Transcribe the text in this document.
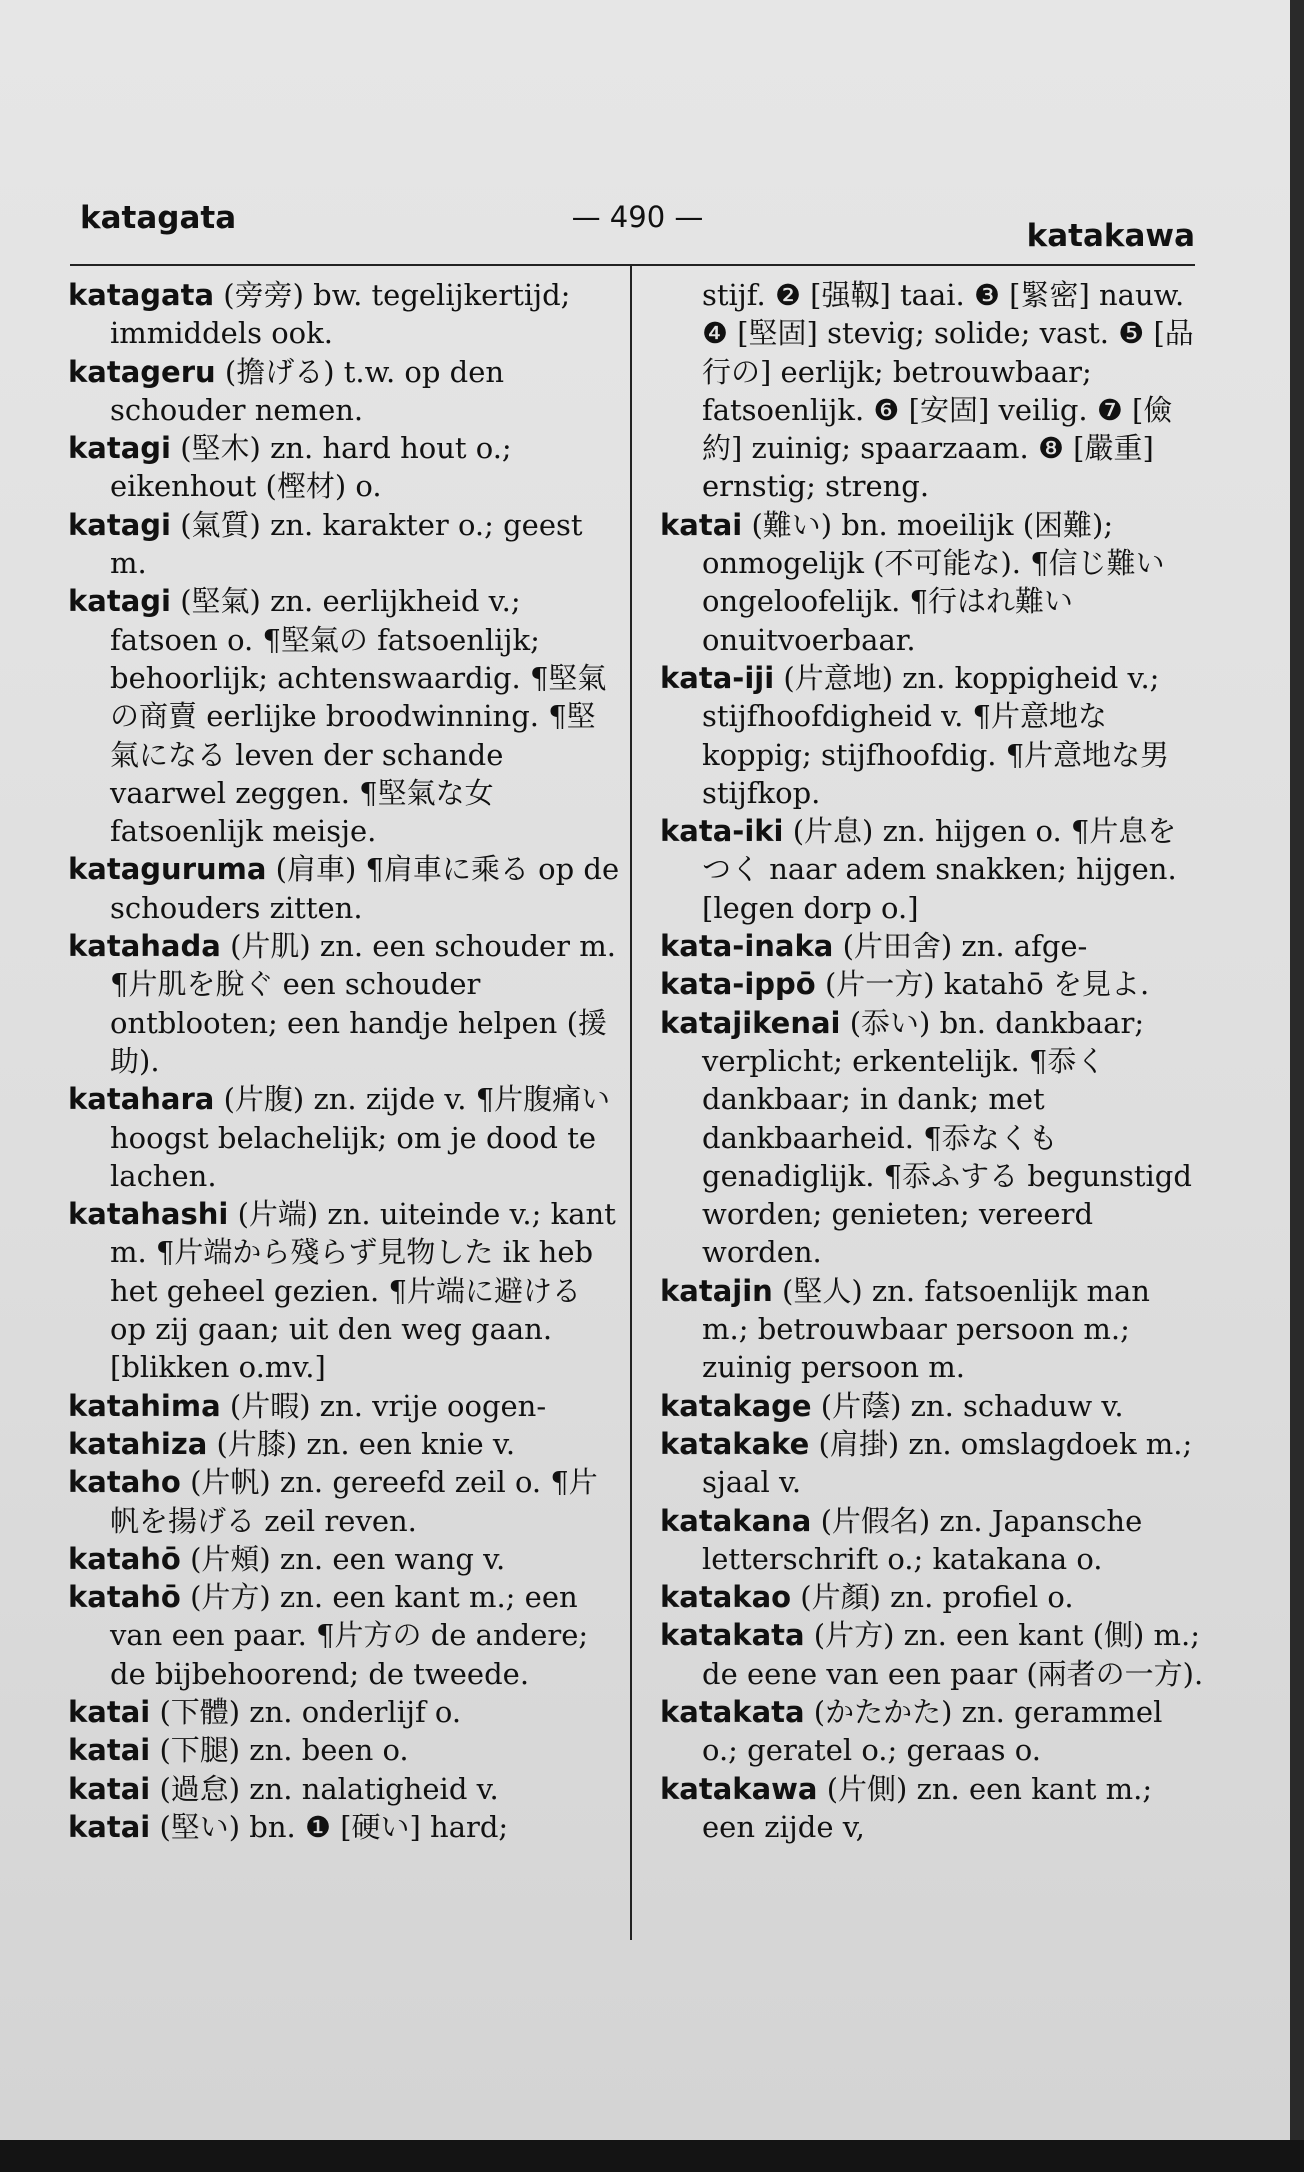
katagata	— 490 —
katakawa

katagata (旁旁) bw. tegelijkertijd; immiddels ook.

katageru (擔げる) t.w. op den schouder nemen.

katagi (堅木) zn. hard hout o.; eikenhout (樫材) o.

katagi (氣質) zn. karakter o.; geest m.

katagi (堅氣) zn. eerlijkheid v.; fatsoen o. ¶堅氣の fatsoenlijk; behoorlijk; achtenswaardig. ¶堅氣の商賣 eerlijke broodwinning. ¶堅氣になる leven der schande vaarwel zeggen. ¶堅氣な女 fatsoenlijk meisje.

kataguruma (肩車) ¶肩車に乘る op de schouders zitten.

katahada (片肌) zn. een schouder m. ¶片肌を脫ぐ een schouder ontblooten; een handje helpen (援助).

katahara (片腹) zn. zijde v. ¶片腹痛い hoogst belachelijk; om je dood te lachen.

katahashi (片端) zn. uiteinde v.; kant m. ¶片端から殘らず見物した ik heb het geheel gezien. ¶片端に避ける op zij gaan; uit den weg gaan. [blikken o.mv.]

katahima (片暇) zn. vrije oogen-

katahiza (片膝) zn. een knie v.

kataho (片帆) zn. gereefd zeil o. ¶片帆を揚げる zeil reven.

katahō (片頰) zn. een wang v.

katahō (片方) zn. een kant m.; een van een paar. ¶片方の de andere; de bijbehoorend; de tweede.

katai (下體) zn. onderlijf o.

katai (下腿) zn. been o.

katai (過怠) zn. nalatigheid v.

katai (堅い) bn. ❶ [硬い] hard;

stijf. ❷ [强靱] taai. ❸ [緊密] nauw. ❹ [堅固] stevig; solide; vast. ❺ [品行の] eerlijk; betrouwbaar; fatsoenlijk. ❻ [安固] veilig. ❼ [儉約] zuinig; spaarzaam. ❽ [嚴重] ernstig; streng.

katai (難い) bn. moeilijk (困難); onmogelijk (不可能な). ¶信じ難い ongeloofelijk. ¶行はれ難い onuitvoerbaar.

kata-iji (片意地) zn. koppigheid v.; stijfhoofdigheid v. ¶片意地な koppig; stijfhoofdig. ¶片意地な男 stijfkop.

kata-iki (片息) zn. hijgen o. ¶片息をつく naar adem snakken; hijgen. [legen dorp o.]

kata-inaka (片田舍) zn. afge-

kata-ippō (片一方) katahō を見よ.

katajikenai (忝い) bn. dankbaar; verplicht; erkentelijk. ¶忝く dankbaar; in dank; met dankbaarheid. ¶忝なくも genadiglijk. ¶忝ふする begunstigd worden; genieten; vereerd worden.

katajin (堅人) zn. fatsoenlijk man m.; betrouwbaar persoon m.; zuinig persoon m.

katakage (片蔭) zn. schaduw v.

katakake (肩掛) zn. omslagdoek m.; sjaal v.

katakana (片假名) zn. Japansche letterschrift o.; katakana o.

katakao (片顏) zn. profiel o.

katakata (片方) zn. een kant (側) m.; de eene van een paar (兩者の一方).

katakata (かたかた) zn. gerammel o.; geratel o.; geraas o.

katakawa (片側) zn. een kant m.; een zijde v,
